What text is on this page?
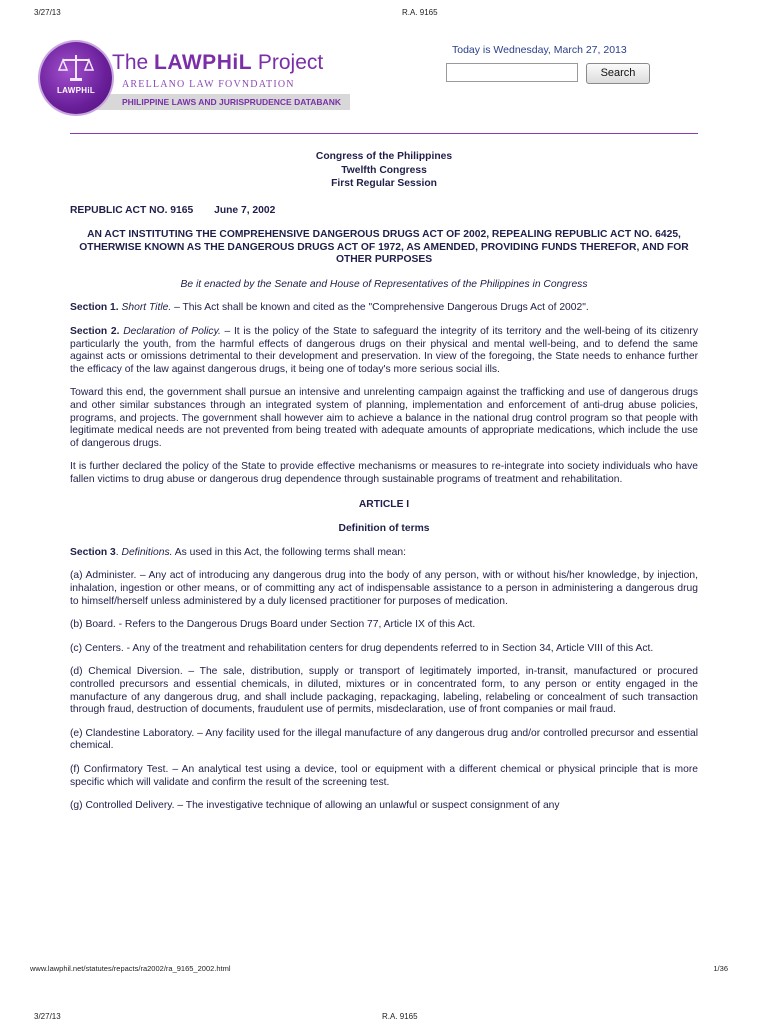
3/27/13	R.A. 9165
PHILIPPINE LAWS AND JURISPRUDENCE DATABANK
LAWPHiL
The LAWPHiL Project
ARELLANO LAW FOVNDATION
Today is Wednesday, March 27, 2013
Search
Congress of the Philippines
Twelfth Congress
First Regular Session
REPUBLIC ACT NO. 9165 June 7, 2002
AN ACT INSTITUTING THE COMPREHENSIVE DANGEROUS DRUGS ACT OF 2002, REPEALING REPUBLIC ACT NO. 6425, OTHERWISE KNOWN AS THE DANGEROUS DRUGS ACT OF 1972, AS AMENDED, PROVIDING FUNDS THEREFOR, AND FOR OTHER PURPOSES
Be it enacted by the Senate and House of Representatives of the Philippines in Congress

Section 1. Short Title. – This Act shall be known and cited as the "Comprehensive Dangerous Drugs Act of 2002".

Section 2. Declaration of Policy. – It is the policy of the State to safeguard the integrity of its territory and the well-being of its citizenry particularly the youth, from the harmful effects of dangerous drugs on their physical and mental well-being, and to defend the same against acts or omissions detrimental to their development and preservation. In view of the foregoing, the State needs to enhance further the efficacy of the law against dangerous drugs, it being one of today's more serious social ills.

Toward this end, the government shall pursue an intensive and unrelenting campaign against the trafficking and use of dangerous drugs and other similar substances through an integrated system of planning, implementation and enforcement of anti-drug abuse policies, programs, and projects. The government shall however aim to achieve a balance in the national drug control program so that people with legitimate medical needs are not prevented from being treated with adequate amounts of appropriate medications, which include the use of dangerous drugs.

It is further declared the policy of the State to provide effective mechanisms or measures to re-integrate into society individuals who have fallen victims to drug abuse or dangerous drug dependence through sustainable programs of treatment and rehabilitation.

ARTICLE I
Definition of terms

Section 3. Definitions. As used in this Act, the following terms shall mean:

(a) Administer. – Any act of introducing any dangerous drug into the body of any person, with or without his/her knowledge, by injection, inhalation, ingestion or other means, or of committing any act of indispensable assistance to a person in administering a dangerous drug to himself/herself unless administered by a duly licensed practitioner for purposes of medication.

(b) Board. - Refers to the Dangerous Drugs Board under Section 77, Article IX of this Act.

(c) Centers. - Any of the treatment and rehabilitation centers for drug dependents referred to in Section 34, Article VIII of this Act.

(d) Chemical Diversion. – The sale, distribution, supply or transport of legitimately imported, in-transit, manufactured or procured controlled precursors and essential chemicals, in diluted, mixtures or in concentrated form, to any person or entity engaged in the manufacture of any dangerous drug, and shall include packaging, repackaging, labeling, relabeling or concealment of such transaction through fraud, destruction of documents, fraudulent use of permits, misdeclaration, use of front companies or mail fraud.

(e) Clandestine Laboratory. – Any facility used for the illegal manufacture of any dangerous drug and/or controlled precursor and essential chemical.

(f) Confirmatory Test. – An analytical test using a device, tool or equipment with a different chemical or physical principle that is more specific which will validate and confirm the result of the screening test.

(g) Controlled Delivery. – The investigative technique of allowing an unlawful or suspect consignment of any

www.lawphil.net/statutes/repacts/ra2002/ra_9165_2002.html	1/36
3/27/13	R.A. 9165
